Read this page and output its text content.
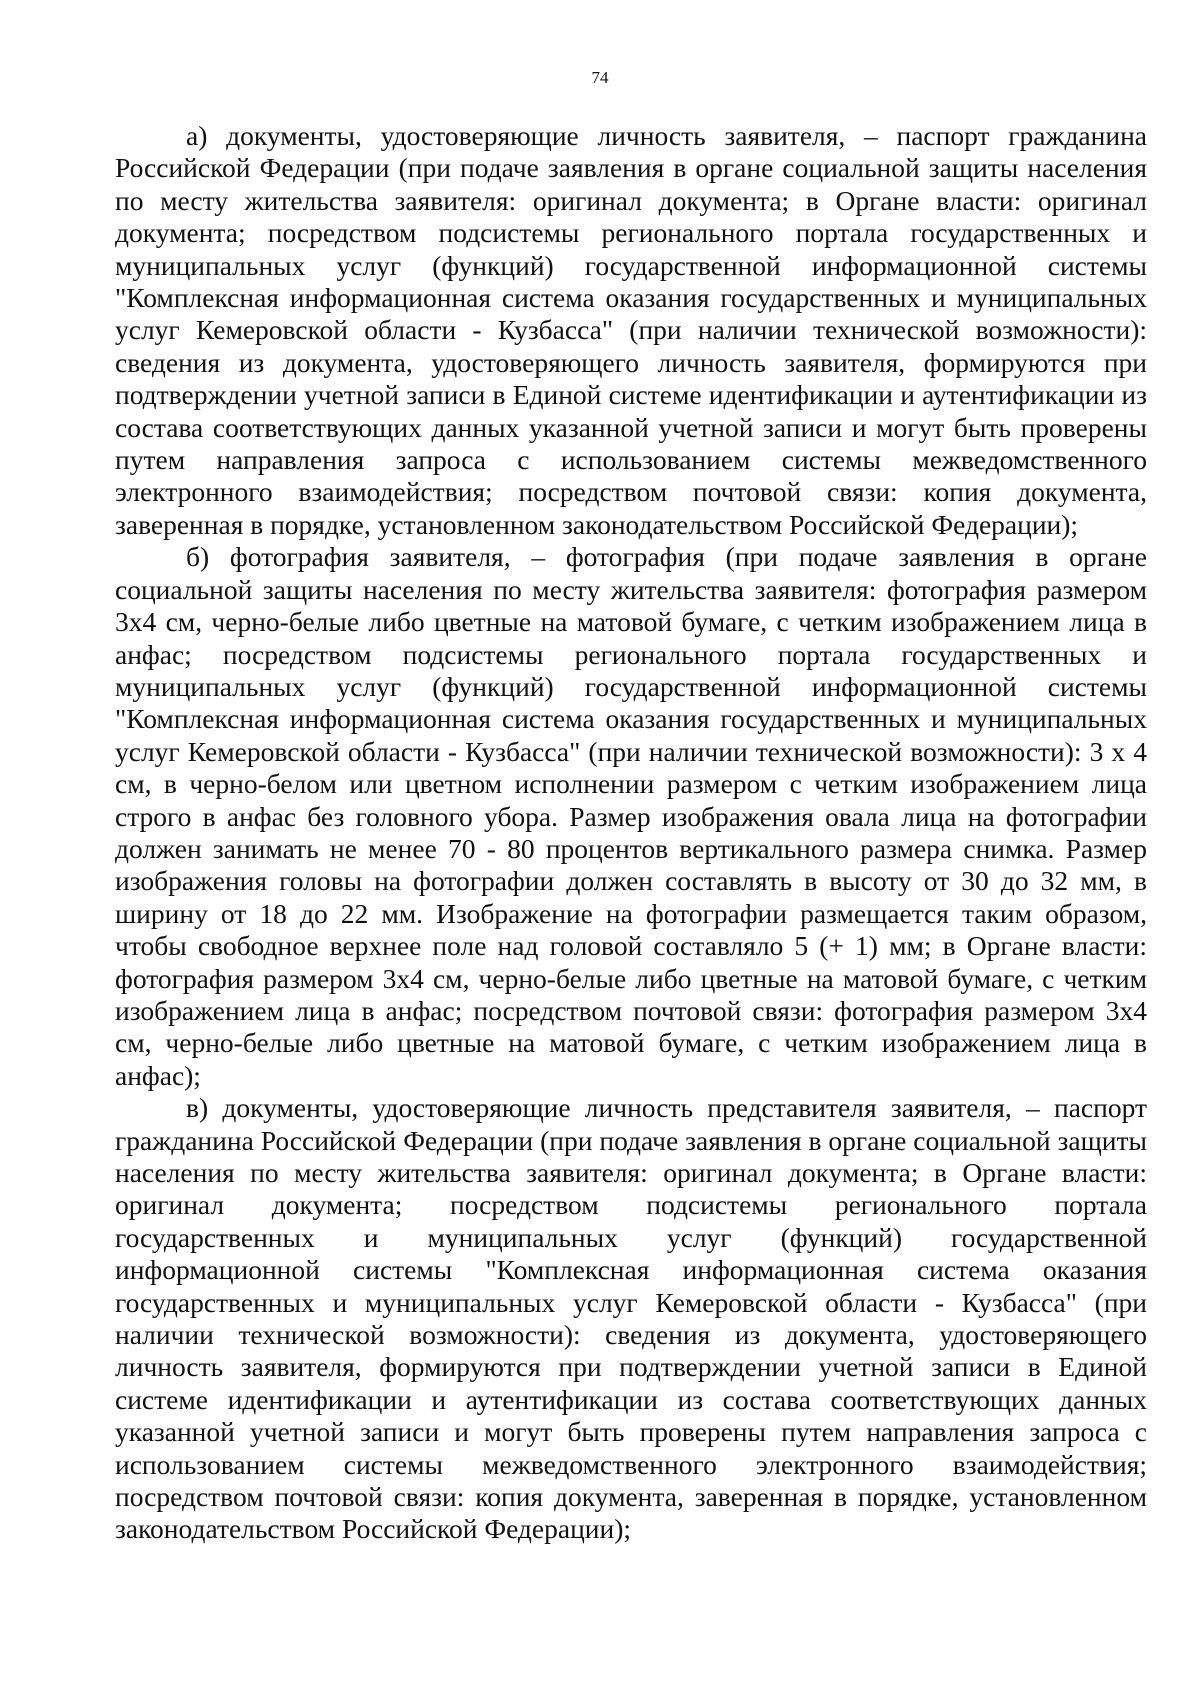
74

а) документы, удостоверяющие личность заявителя, – паспорт гражданина Российской Федерации (при подаче заявления в органе социальной защиты населения по месту жительства заявителя: оригинал документа; в Органе власти: оригинал документа; посредством подсистемы регионального портала государственных и муниципальных услуг (функций) государственной информационной системы "Комплексная информационная система оказания государственных и муниципальных услуг Кемеровской области - Кузбасса" (при наличии технической возможности): сведения из документа, удостоверяющего личность заявителя, формируются при подтверждении учетной записи в Единой системе идентификации и аутентификации из состава соответствующих данных указанной учетной записи и могут быть проверены путем направления запроса с использованием системы межведомственного электронного взаимодействия; посредством почтовой связи: копия документа, заверенная в порядке, установленном законодательством Российской Федерации);

б) фотография заявителя, – фотография (при подаче заявления в органе социальной защиты населения по месту жительства заявителя: фотография размером 3х4 см, черно-белые либо цветные на матовой бумаге, с четким изображением лица в анфас; посредством подсистемы регионального портала государственных и муниципальных услуг (функций) государственной информационной системы "Комплексная информационная система оказания государственных и муниципальных услуг Кемеровской области - Кузбасса" (при наличии технической возможности): 3 х 4 см, в черно-белом или цветном исполнении размером с четким изображением лица строго в анфас без головного убора. Размер изображения овала лица на фотографии должен занимать не менее 70 - 80 процентов вертикального размера снимка. Размер изображения головы на фотографии должен составлять в высоту от 30 до 32 мм, в ширину от 18 до 22 мм. Изображение на фотографии размещается таким образом, чтобы свободное верхнее поле над головой составляло 5 (+ 1) мм; в Органе власти: фотография размером 3х4 см, черно-белые либо цветные на матовой бумаге, с четким изображением лица в анфас; посредством почтовой связи: фотография размером 3х4 см, черно-белые либо цветные на матовой бумаге, с четким изображением лица в анфас);

в) документы, удостоверяющие личность представителя заявителя, – паспорт гражданина Российской Федерации (при подаче заявления в органе социальной защиты населения по месту жительства заявителя: оригинал документа; в Органе власти: оригинал документа; посредством подсистемы регионального портала государственных и муниципальных услуг (функций) государственной информационной системы "Комплексная информационная система оказания государственных и муниципальных услуг Кемеровской области - Кузбасса" (при наличии технической возможности): сведения из документа, удостоверяющего личность заявителя, формируются при подтверждении учетной записи в Единой системе идентификации и аутентификации из состава соответствующих данных указанной учетной записи и могут быть проверены путем направления запроса с использованием системы межведомственного электронного взаимодействия; посредством почтовой связи: копия документа, заверенная в порядке, установленном законодательством Российской Федерации);
